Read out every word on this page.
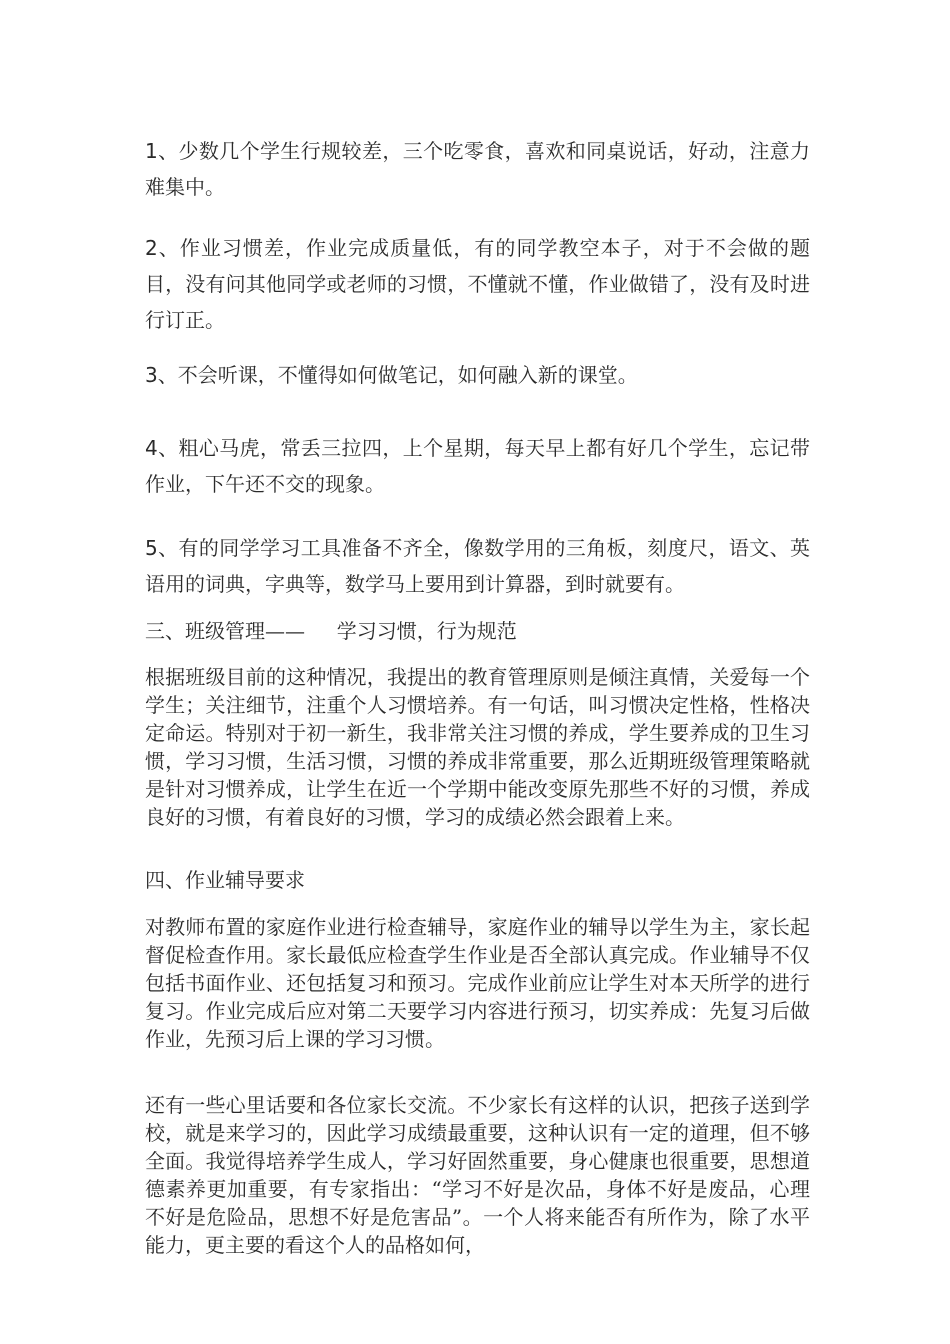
1、少数几个学生行规较差，三个吃零食，喜欢和同桌说话，好动，注意力难集中。

2、作业习惯差，作业完成质量低，有的同学教空本子，对于不会做的题目，没有问其他同学或老师的习惯，不懂就不懂，作业做错了，没有及时进行订正。

3、不会听课，不懂得如何做笔记，如何融入新的课堂。

4、粗心马虎，常丢三拉四，上个星期，每天早上都有好几个学生，忘记带作业，下午还不交的现象。

5、有的同学学习工具准备不齐全，像数学用的三角板，刻度尺，语文、英语用的词典，字典等，数学马上要用到计算器，到时就要有。

三、班级管理——     学习习惯，行为规范

根据班级目前的这种情况，我提出的教育管理原则是倾注真情，关爱每一个学生；关注细节，注重个人习惯培养。有一句话，叫习惯决定性格，性格决定命运。特别对于初一新生，我非常关注习惯的养成，学生要养成的卫生习惯，学习习惯，生活习惯，习惯的养成非常重要，那么近期班级管理策略就是针对习惯养成，让学生在近一个学期中能改变原先那些不好的习惯，养成良好的习惯，有着良好的习惯，学习的成绩必然会跟着上来。

四、作业辅导要求

对教师布置的家庭作业进行检查辅导，家庭作业的辅导以学生为主，家长起督促检查作用。家长最低应检查学生作业是否全部认真完成。作业辅导不仅包括书面作业、还包括复习和预习。完成作业前应让学生对本天所学的进行复习。作业完成后应对第二天要学习内容进行预习，切实养成：先复习后做作业，先预习后上课的学习习惯。

还有一些心里话要和各位家长交流。不少家长有这样的认识，把孩子送到学校，就是来学习的，因此学习成绩最重要，这种认识有一定的道理，但不够全面。我觉得培养学生成人，学习好固然重要，身心健康也很重要，思想道德素养更加重要，有专家指出：“学习不好是次品，身体不好是废品，心理不好是危险品，思想不好是危害品”。一个人将来能否有所作为，除了水平能力，更主要的看这个人的品格如何，
